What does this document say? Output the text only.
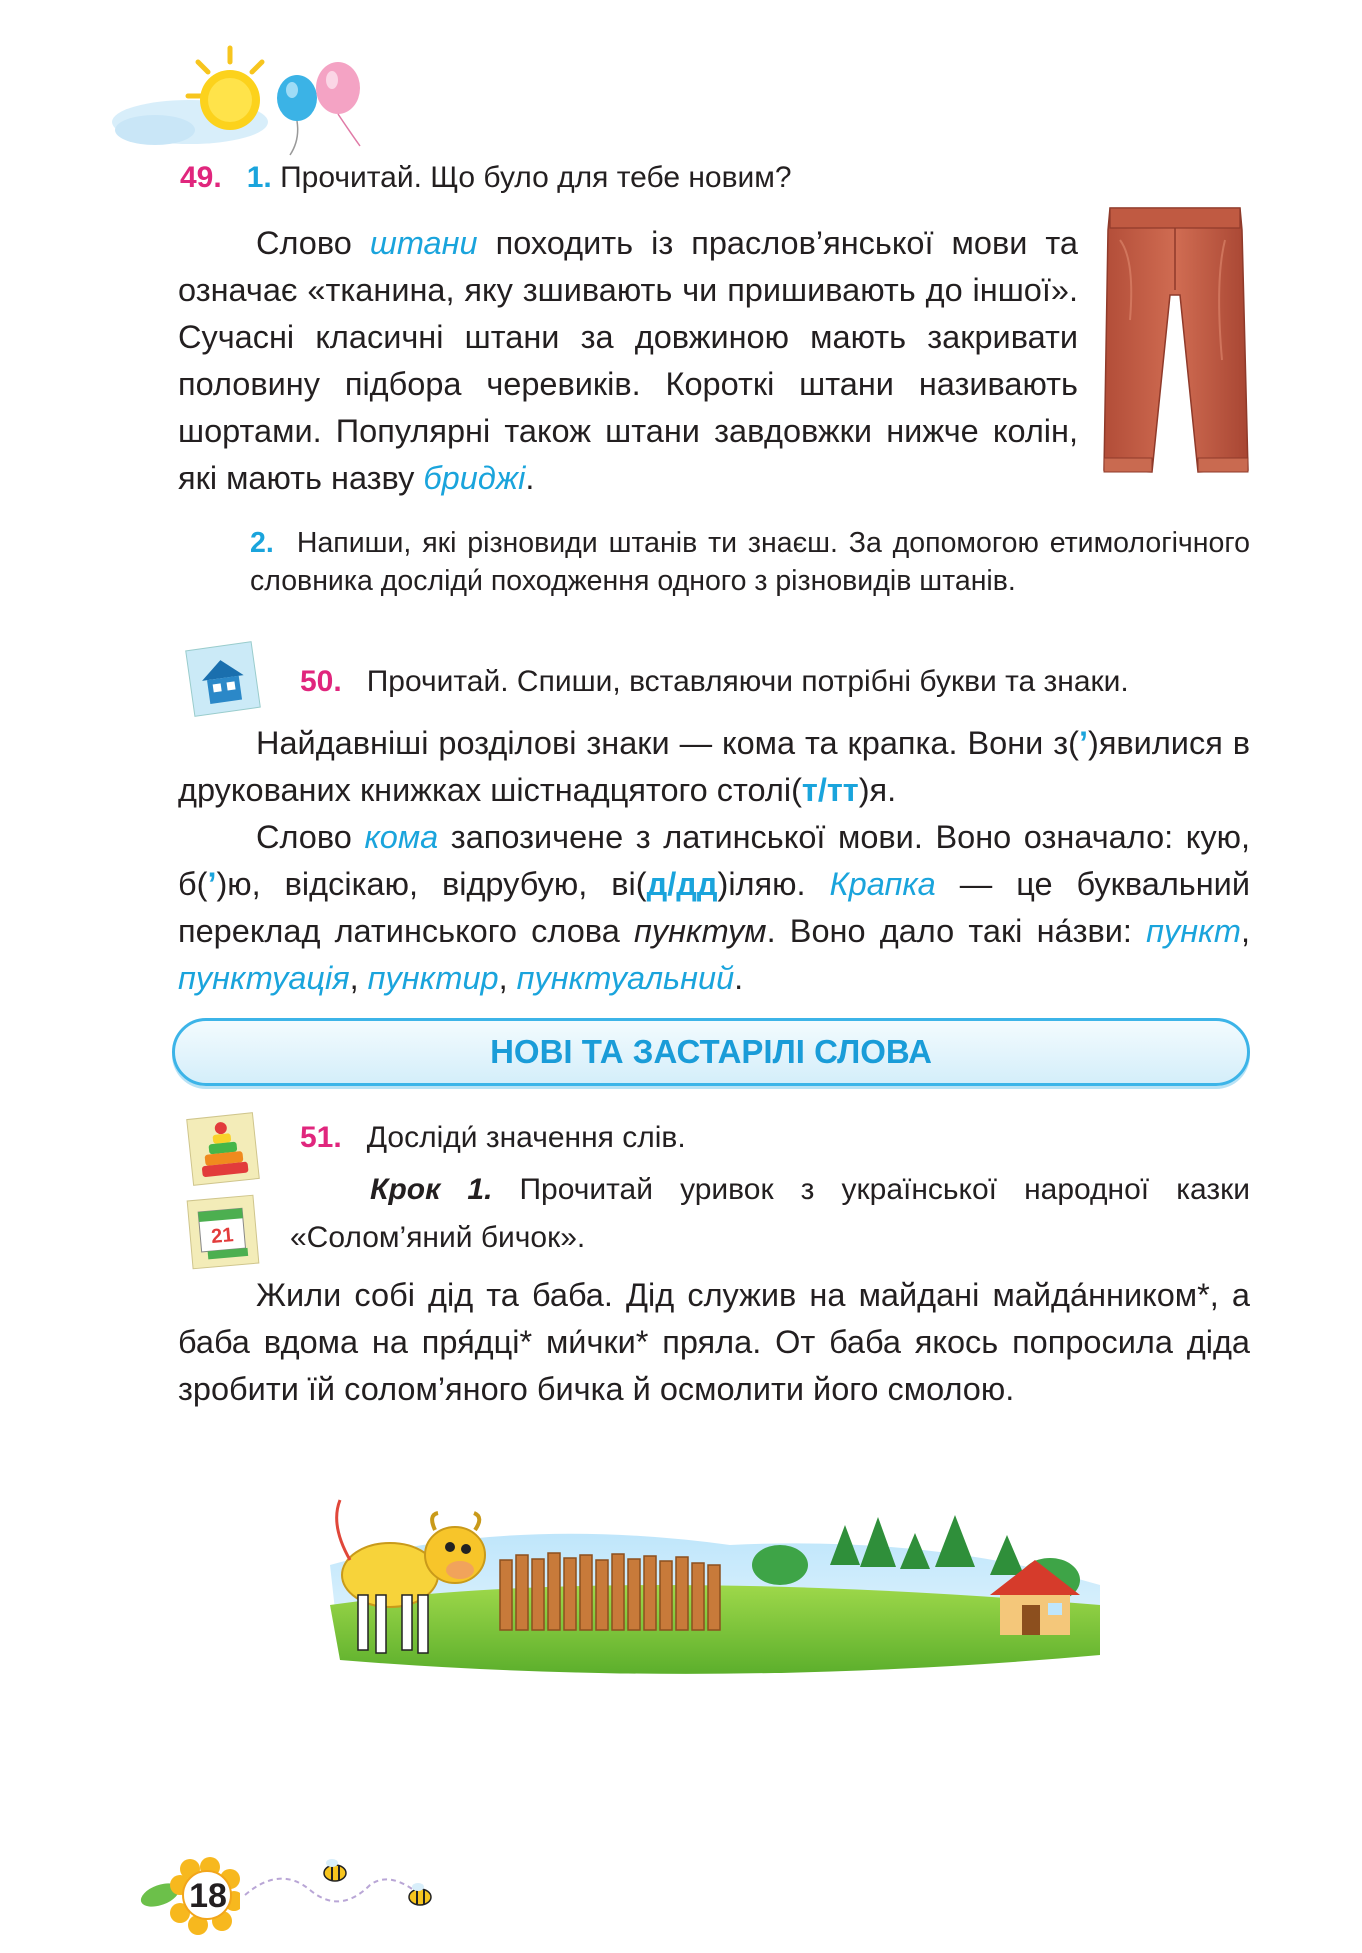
49. 1. Прочитай. Що було для тебе новим?
Слово штани походить із праслов’янської мови та означає «тканина, яку зшивають чи пришивають до іншої». Сучасні класичні штани за довжиною мають закривати половину підбора черевиків. Короткі штани називають шортами. Популярні також штани завдовжки нижче колін, які мають назву бриджі.
2. Напиши, які різновиди штанів ти знаєш. За допомогою етимологічного словника досліди́ походження одного з різновидів штанів.
50. Прочитай. Спиши, вставляючи потрібні букви та знаки.
Найдавніші розділові знаки — кома та крапка. Вони з(’)явилися в друкованих книжках шістнадцятого столі(т/тт)я.
Слово кома запозичене з латинської мови. Воно означало: кую, б(’)ю, відсікаю, відрубую, ві(д/дд)іляю. Крапка — це буквальний переклад латинського слова пунктум. Воно дало такі на́зви: пункт, пунктуація, пунктир, пунктуальний.
НОВІ ТА ЗАСТАРІЛІ СЛОВА
21
51. Досліди́ значення слів.
Крок 1. Прочитай уривок з української народної казки «Солом’яний бичок».
Жили собі дід та баба. Дід служив на майдані майда́нником*, а баба вдома на пря́дці* ми́чки* пряла. От баба якось попросила діда зробити їй солом’яного бичка й осмолити його смолою.
18
